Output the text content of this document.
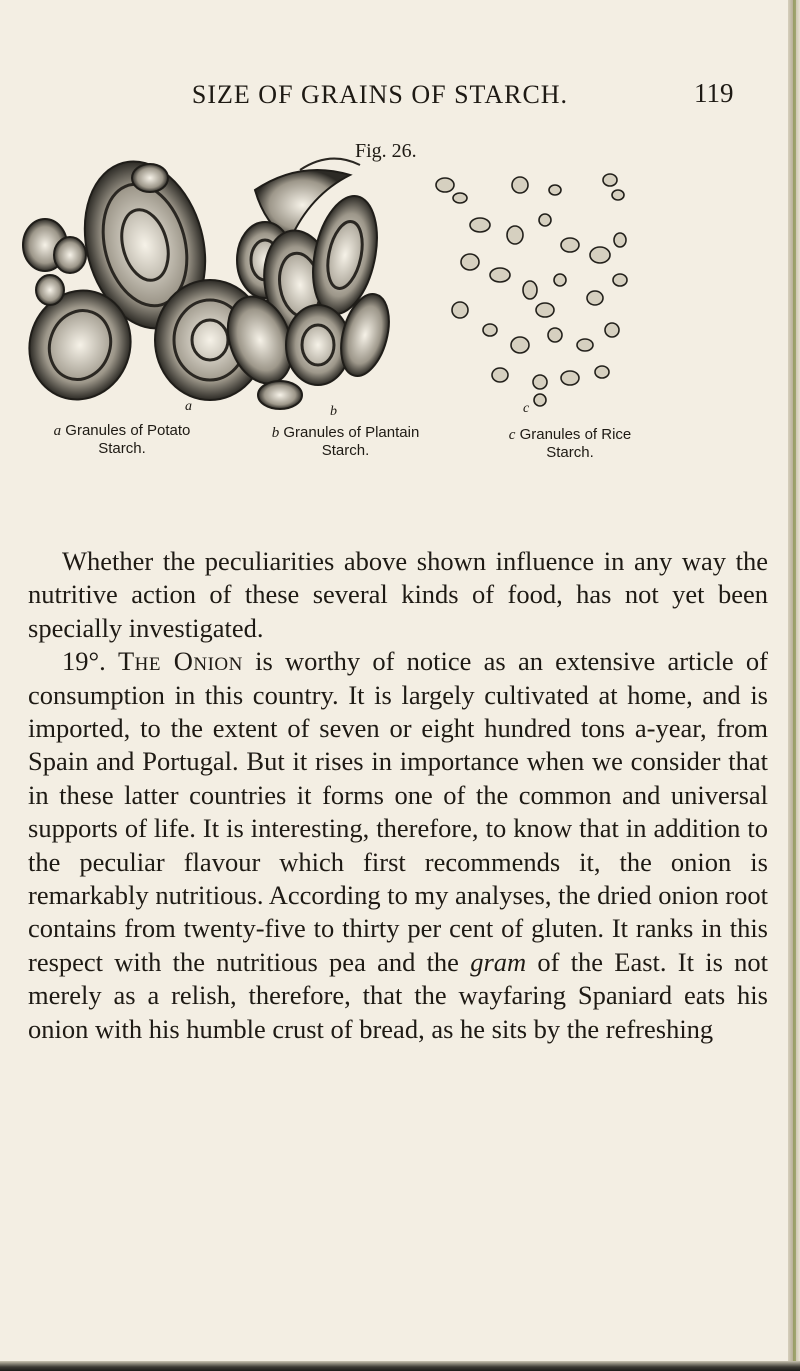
SIZE OF GRAINS OF STARCH.	119
Fig. 26.
a	b	c
a Granules of Potato
Starch.
b Granules of Plantain
Starch.
c Granules of Rice
Starch.

Whether the peculiarities above shown influence in any way the nutritive action of these several kinds of food, has not yet been specially investigated.

19°. The Onion is worthy of notice as an extensive article of consumption in this country. It is largely cultivated at home, and is imported, to the extent of seven or eight hundred tons a-year, from Spain and Portugal. But it rises in importance when we consider that in these latter countries it forms one of the common and universal supports of life. It is interesting, therefore, to know that in addition to the peculiar flavour which first recommends it, the onion is remarkably nutritious. According to my analyses, the dried onion root contains from twenty-five to thirty per cent of gluten. It ranks in this respect with the nutritious pea and the gram of the East. It is not merely as a relish, therefore, that the wayfaring Spaniard eats his onion with his humble crust of bread, as he sits by the refreshing
